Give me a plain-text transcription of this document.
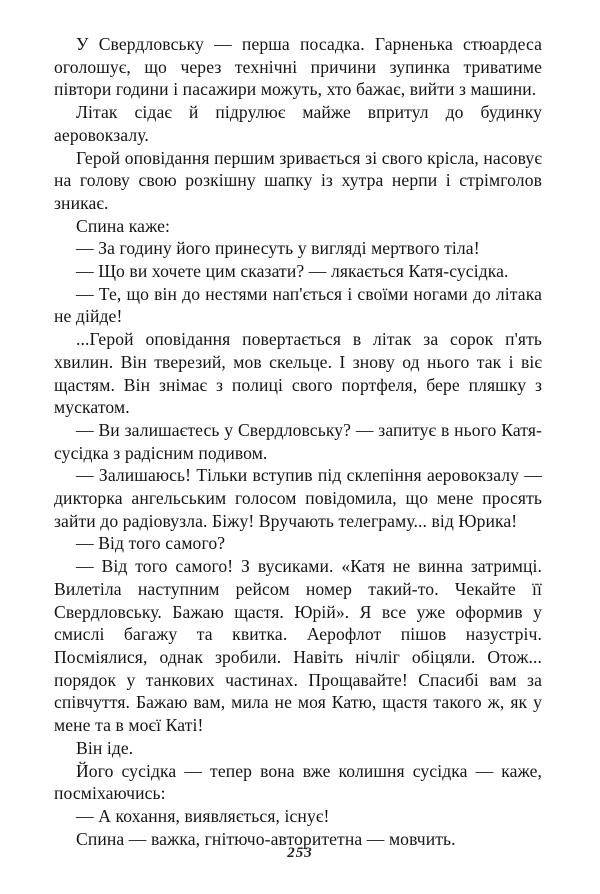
У Свердловську — перша посадка. Гарненька стюардеса оголошує, що через технічні причини зупинка триватиме півтори години і пасажири можуть, хто бажає, вийти з машини.

Літак сідає й підрулює майже впритул до будинку аеровокзалу.

Герой оповідання першим зривається зі свого крісла, насовує на голову свою розкішну шапку із хутра нерпи і стрімголов зникає.

Спина каже:

— За годину його принесуть у вигляді мертвого тіла!

— Що ви хочете цим сказати? — лякається Катя-сусідка.

— Те, що він до нестями нап'ється і своїми ногами до літака не дійде!

...Герой оповідання повертається в літак за сорок п'ять хвилин. Він тверезий, мов скельце. І знову од нього так і віє щастям. Він знімає з полиці свого портфеля, бере пляшку з мускатом.

— Ви залишаєтесь у Свердловську? — запитує в нього Катя-сусідка з радісним подивом.

— Залишаюсь! Тільки вступив під склепіння аеровокзалу — дикторка ангельським голосом повідомила, що мене просять зайти до радіовузла. Біжу! Вручають телеграму... від Юрика!

— Від того самого?

— Від того самого! З вусиками. «Катя не винна затримці. Вилетіла наступним рейсом номер такий-то. Чекайте її Свердловську. Бажаю щастя. Юрій». Я все уже оформив у смислі багажу та квитка. Аерофлот пішов назустріч. Посміялися, однак зробили. Навіть нічліг обіцяли. Отож... порядок у танкових частинах. Прощавайте! Спасибі вам за співчуття. Бажаю вам, мила не моя Катю, щастя такого ж, як у мене та в моєї Каті!

Він іде.

Його сусідка — тепер вона вже колишня сусідка — каже, посміхаючись:

— А кохання, виявляється, існує!

Спина — важка, гнітючо-авторитетна — мовчить.

253
